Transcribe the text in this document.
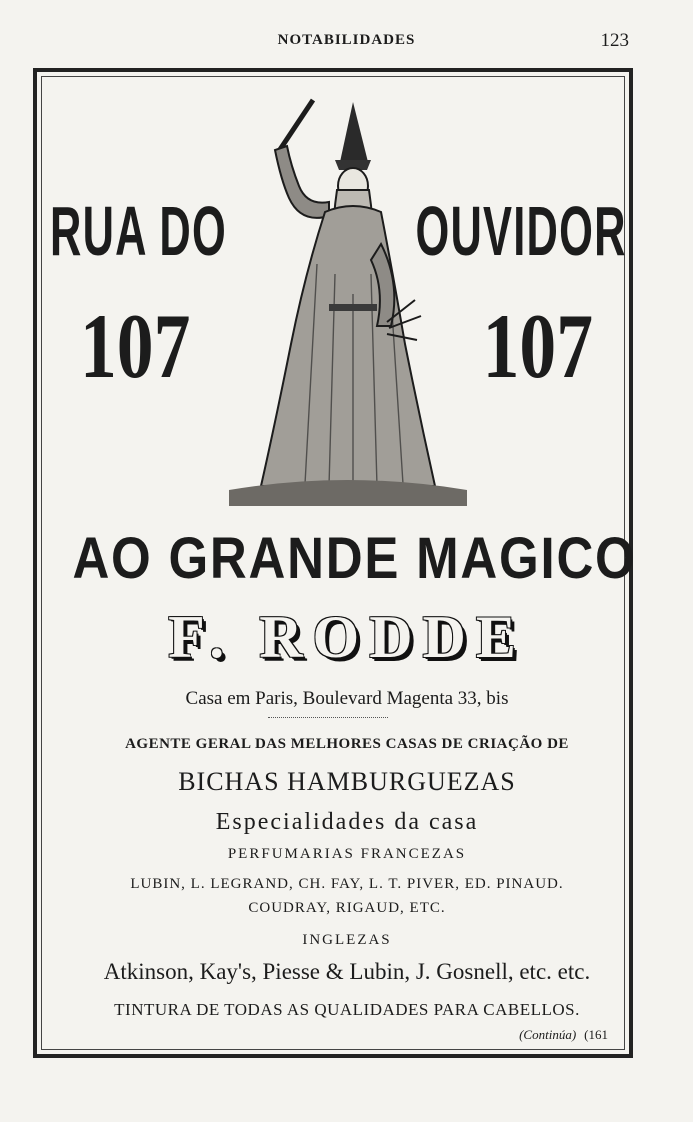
NOTABILIDADES	123
RUA DO	OUVIDOR
107	107
AO GRANDE MAGICO
F. RODDE
Casa em Paris, Boulevard Magenta 33, bis
AGENTE GERAL DAS MELHORES CASAS DE CRIAÇÃO DE
BICHAS HAMBURGUEZAS
Especialidades da casa
PERFUMARIAS FRANCEZAS
LUBIN, L. LEGRAND, CH. FAY, L. T. PIVER, ED. PINAUD.
COUDRAY, RIGAUD, ETC.
INGLEZAS
Atkinson, Kay's, Piesse & Lubin, J. Gosnell, etc. etc.
TINTURA DE TODAS AS QUALIDADES PARA CABELLOS.
(Continúa) (161
